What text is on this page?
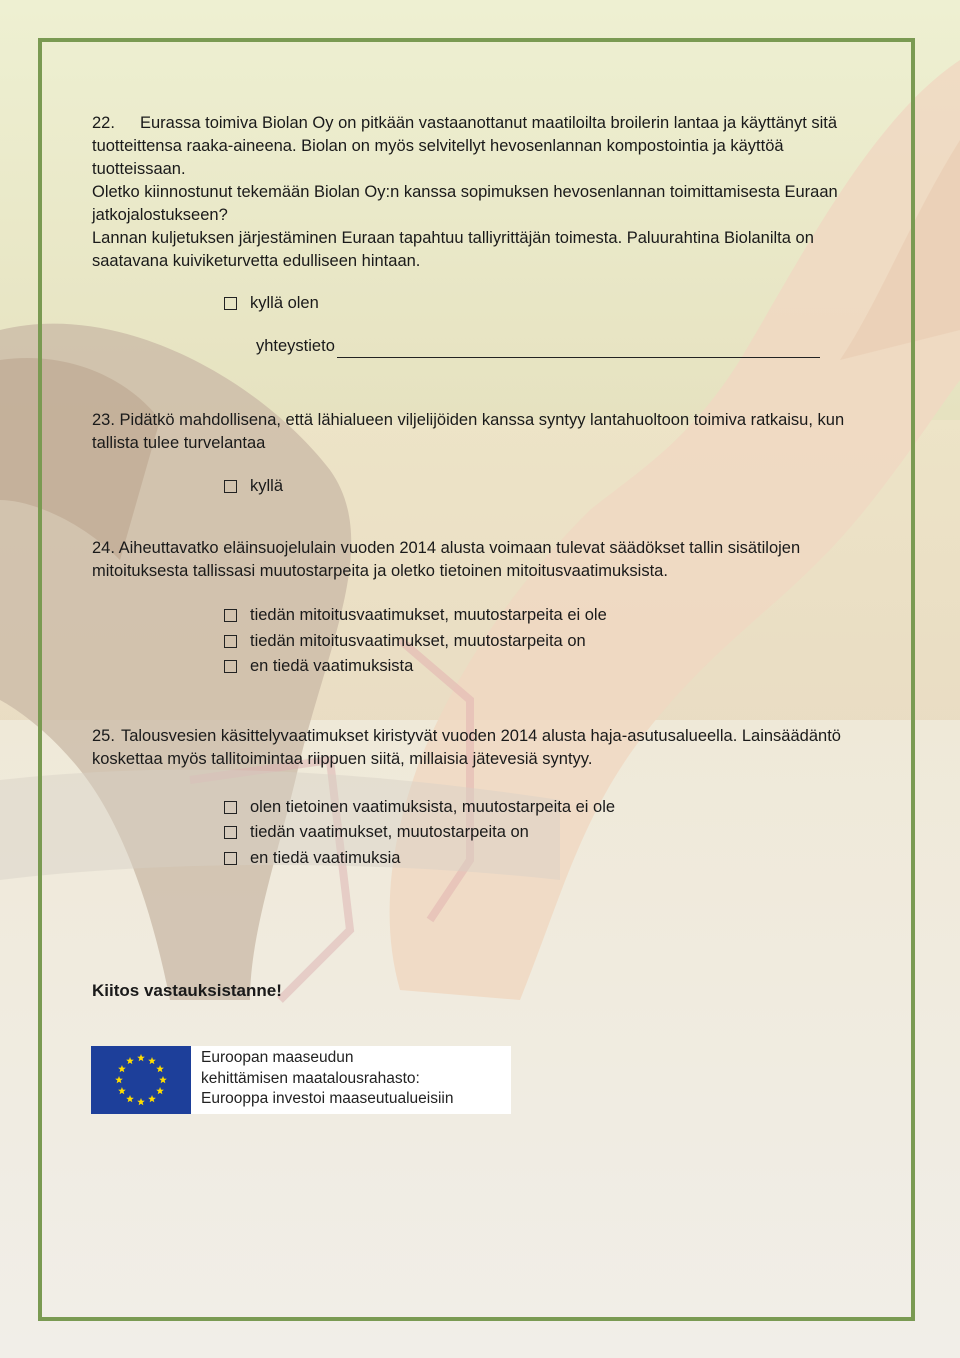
22. Eurassa toimiva Biolan Oy on pitkään vastaanottanut maatiloilta broilerin lantaa ja käyttänyt sitä tuotteittensa raaka-aineena. Biolan on myös selvitellyt hevosenlannan kompostointia ja käyttöä tuotteissaan.

Oletko kiinnostunut tekemään Biolan Oy:n kanssa sopimuksen hevosenlannan toimittamisesta Euraan jatkojalostukseen?

Lannan kuljetuksen järjestäminen Euraan tapahtuu talliyrittäjän toimesta. Paluurahtina Biolanilta on saatavana kuiviketurvetta edulliseen hintaan.

kyllä olen
yhteystieto

23. Pidätkö mahdollisena, että lähialueen viljelijöiden kanssa syntyy lantahuoltoon toimiva ratkaisu, kun tallista tulee turvelantaa

kyllä

24. Aiheuttavatko eläinsuojelulain vuoden 2014 alusta voimaan tulevat säädökset tallin sisätilojen mitoituksesta tallissasi muutostarpeita ja oletko tietoinen mitoitusvaatimuksista.

tiedän mitoitusvaatimukset, muutostarpeita ei ole
tiedän mitoitusvaatimukset, muutostarpeita on
en tiedä vaatimuksista

25. Talousvesien käsittelyvaatimukset kiristyvät vuoden 2014 alusta haja-asutusalueella. Lainsäädäntö koskettaa myös tallitoimintaa riippuen siitä, millaisia jätevesiä syntyy.

olen tietoinen vaatimuksista, muutostarpeita ei ole
tiedän vaatimukset, muutostarpeita on
en tiedä vaatimuksia
Kiitos vastauksistanne!
Euroopan maaseudun
kehittämisen maatalousrahasto:
Eurooppa investoi maaseutualueisiin
